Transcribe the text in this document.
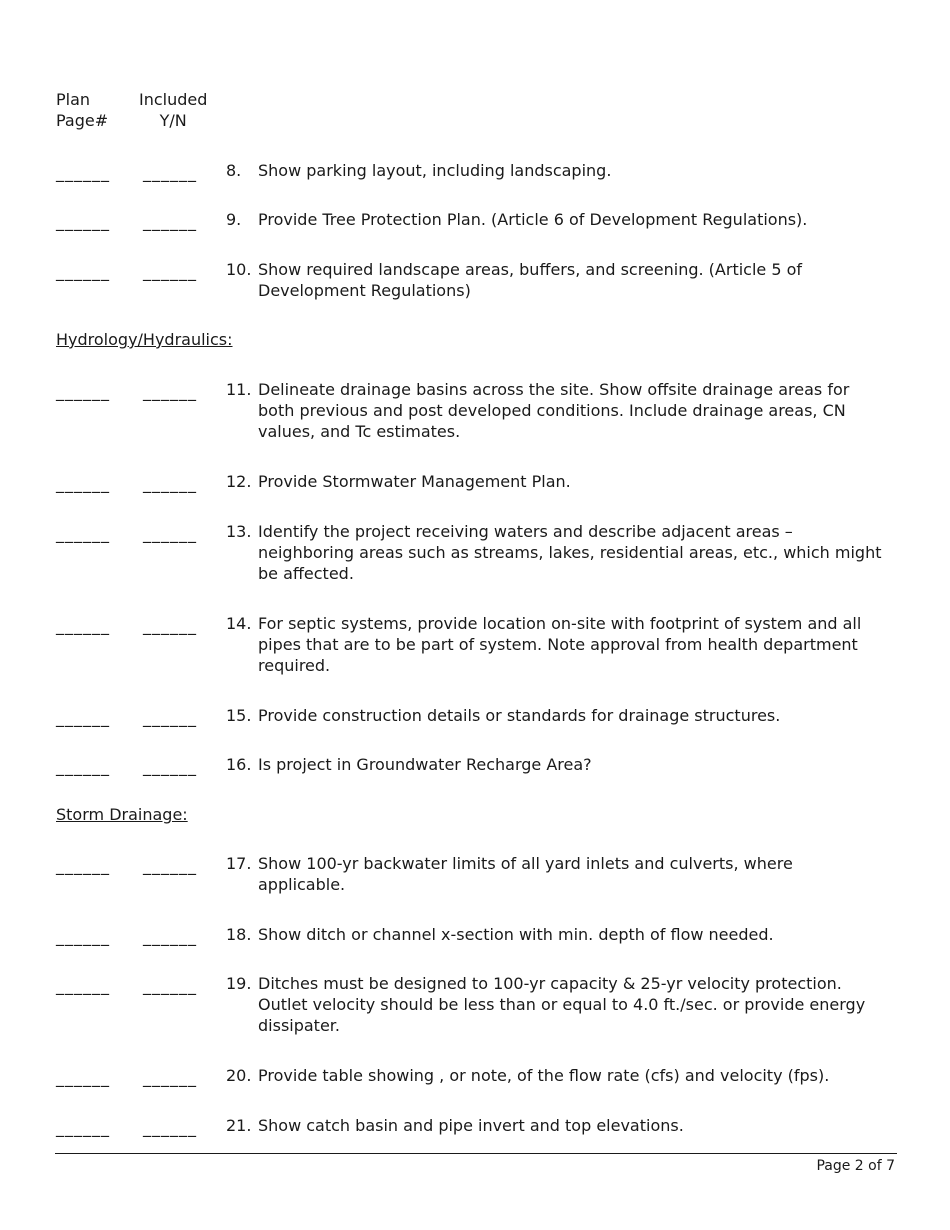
Plan
Page#
Included
Y/N
______ ______ 8. Show parking layout, including landscaping.
______ ______ 9. Provide Tree Protection Plan. (Article 6 of Development Regulations).
______ ______ 10. Show required landscape areas, buffers, and screening. (Article 5 of Development Regulations)
Hydrology/Hydraulics:
______ ______ 11. Delineate drainage basins across the site. Show offsite drainage areas for both previous and post developed conditions. Include drainage areas, CN values, and Tc estimates.
______ ______ 12. Provide Stormwater Management Plan.
______ ______ 13. Identify the project receiving waters and describe adjacent areas – neighboring areas such as streams, lakes, residential areas, etc., which might be affected.
______ ______ 14. For septic systems, provide location on-site with footprint of system and all pipes that are to be part of system. Note approval from health department required.
______ ______ 15. Provide construction details or standards for drainage structures.
______ ______ 16. Is project in Groundwater Recharge Area?
Storm Drainage:
______ ______ 17. Show 100-yr backwater limits of all yard inlets and culverts, where applicable.
______ ______ 18. Show ditch or channel x-section with min. depth of flow needed.
______ ______ 19. Ditches must be designed to 100-yr capacity & 25-yr velocity protection. Outlet velocity should be less than or equal to 4.0 ft./sec. or provide energy dissipater.
______ ______ 20. Provide table showing , or note, of the flow rate (cfs) and velocity (fps).
______ ______ 21. Show catch basin and pipe invert and top elevations.
Page 2 of 7
